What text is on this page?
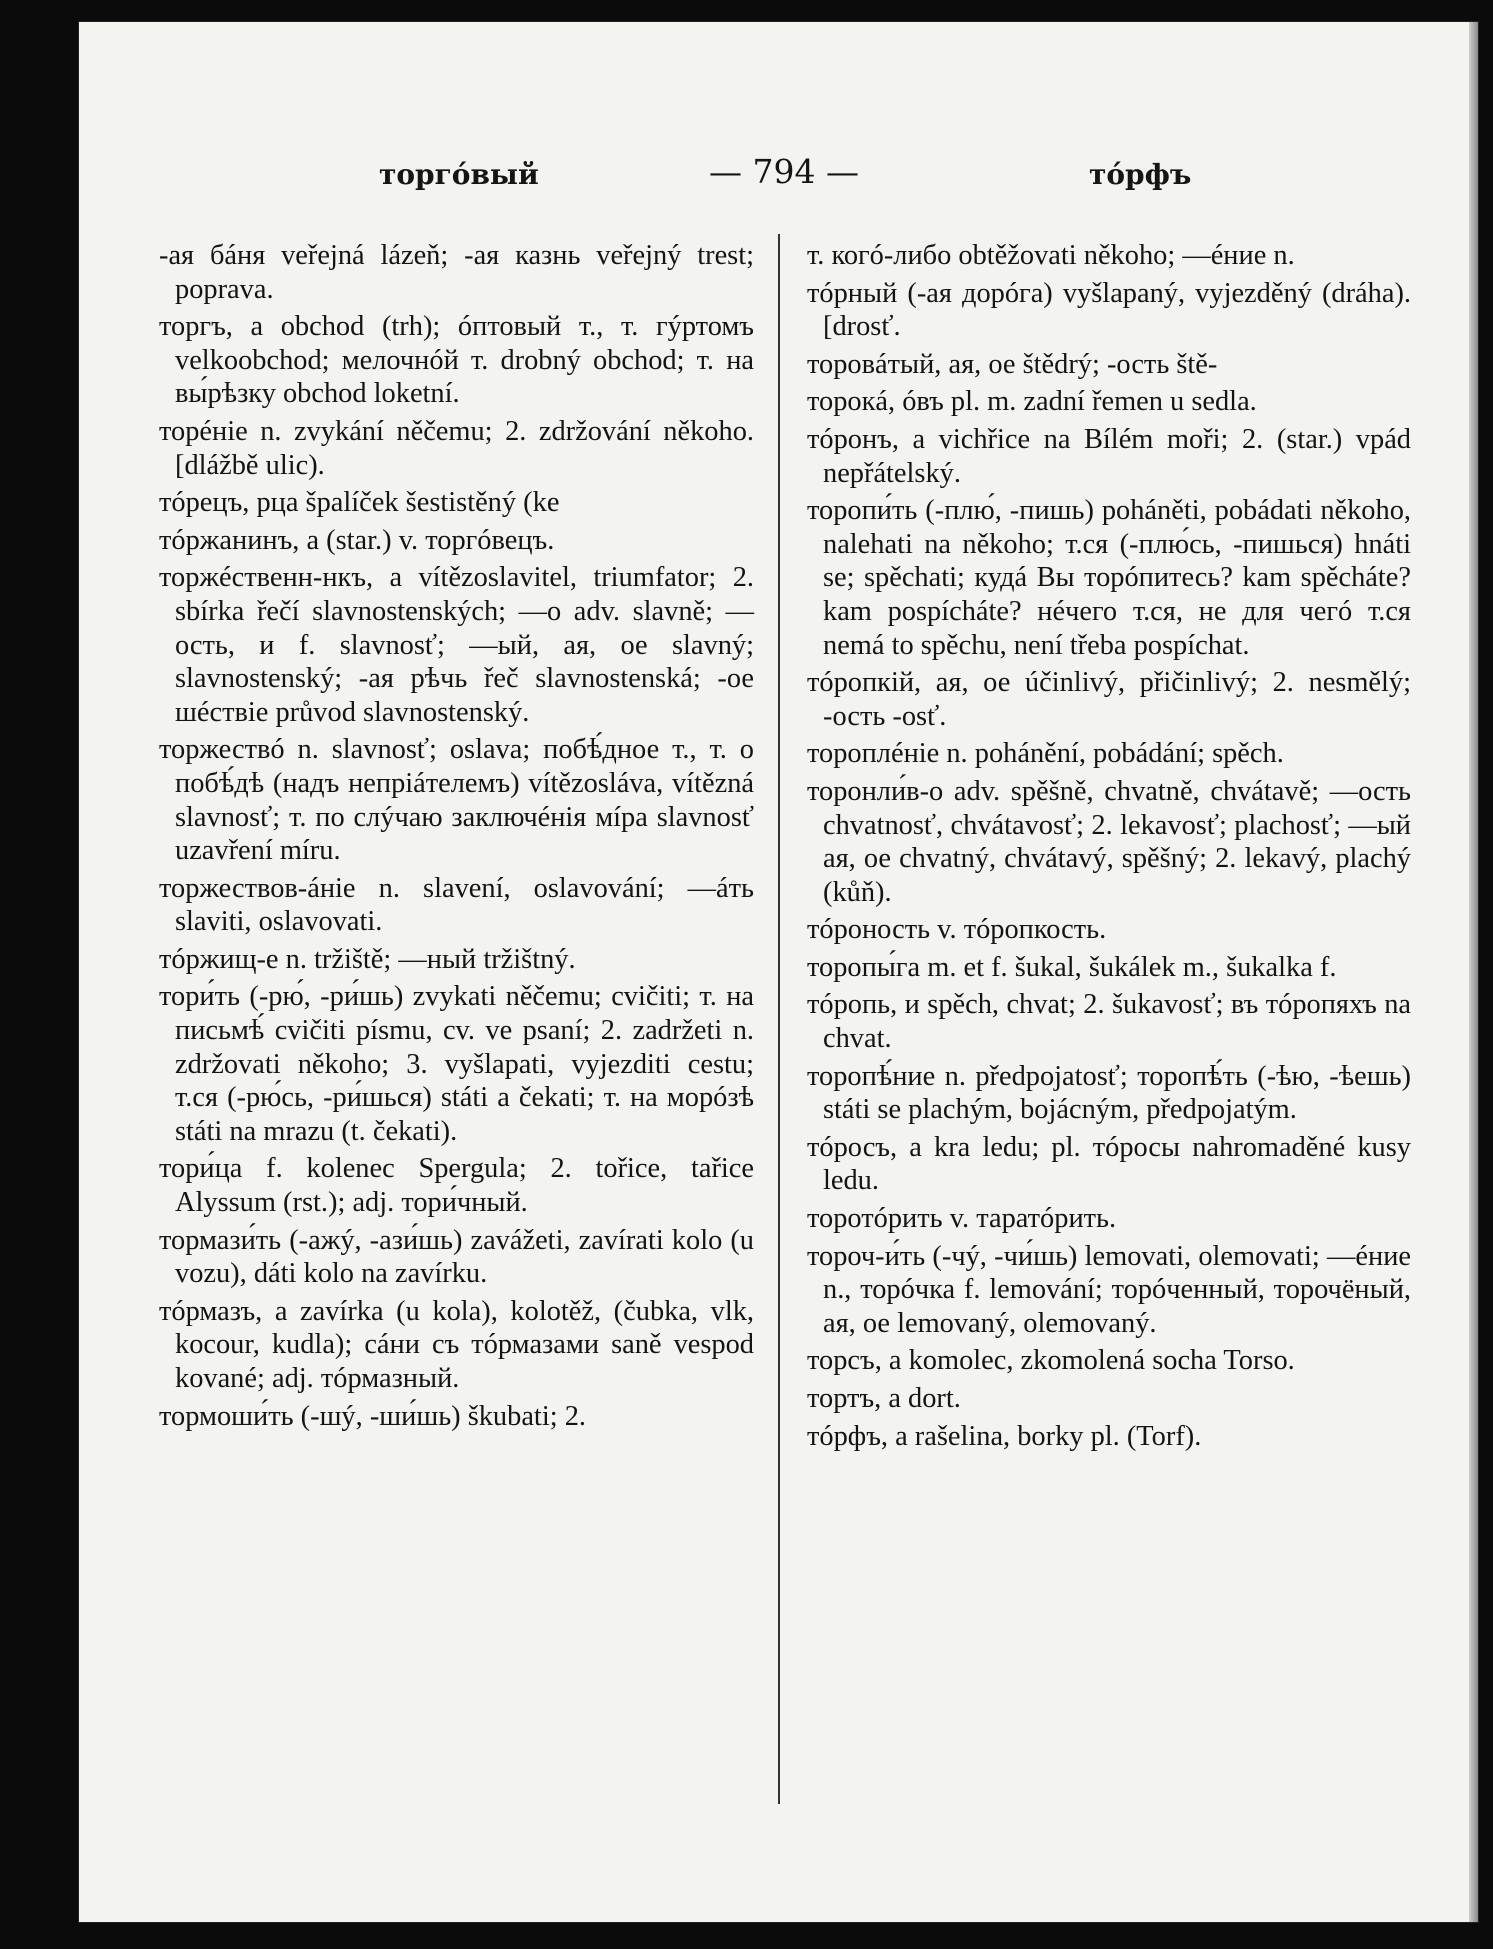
торгóвый	— 794 —	тóрфъ

-ая бáня veřejná lázeň; -ая казнь veřejný trest; poprava.

торгъ, a obchod (trh); óптовый т., т. гýртомъ velkoobchod; мелочнóй т. drobný obchod; т. на вы́рѣзку obchod loketní.

торéніе n. zvykání něčemu; 2. zdržování někoho. [dlážbě ulic).

тóрецъ, рца špalíček šestistěný (ke

тóржанинъ, a (star.) v. торгóвецъ.

торжéственн-нкъ, a vítězoslavitel, triumfator; 2. sbírka řečí slavnostenských; —о adv. slavně; —ость, и f. slavnosť; —ый, ая, ое slavný; slavnostenský; -ая рѣчь řeč slavnostenská; -ое шéствіе průvod slavnostenský.

торжествó n. slavnosť; oslava; побѣ́дное т., т. о побѣ́дѣ (надъ непріáтелемъ) vítězosláva, vítězná slavnosť; т. по слýчаю заключéнія мíра slavnosť uzavření míru.

торжествов-áніе n. slavení, oslavování; —áть slaviti, oslavovati.

тóржищ-е n. tržiště; —ный tržištný.

тори́ть (-рю́, -ри́шь) zvykati něčemu; cvičiti; т. на письмѣ́ cvičiti písmu, cv. ve psaní; 2. zadržeti n. zdržovati někoho; 3. vyšlapati, vyjezditi cestu; т.ся (-рю́сь, -ри́шься) státi a čekati; т. на морóзѣ státi na mrazu (t. čekati).

тори́ца f. kolenec Spergula; 2. tořice, tařice Alyssum (rst.); adj. тори́чный.

тормази́ть (-ажý, -ази́шь) zavážeti, zavírati kolo (u vozu), dáti kolo na zavírku.

тóрмазъ, a zavírka (u kola), kolotěž, (čubka, vlk, kocour, kudla); сáни съ тóрмазами saně vespod kované; adj. тóрмазный.

тормоши́ть (-шý, -ши́шь) škubati; 2.

т. когó-либо obtěžovati někoho; —éние n.

тóрный (-ая дорóга) vyšlapaný, vyjezděný (dráha). [drosť.

торовáтый, ая, ое štědrý; -ость ště-

торокá, óвъ pl. m. zadní řemen u sedla.

тóронъ, a vichřice na Bílém moři; 2. (star.) vpád nepřátelský.

торопи́ть (-плю́, -пишь) poháněti, pobádati někoho, nalehati na někoho; т.ся (-плю́сь, -пишься) hnáti se; spěchati; кудá Вы торóпитесь? kam spěcháte? kam pospícháte? нéчего т.ся, не для чегó т.ся nemá to spěchu, není třeba pospíchat.

тóропкій, ая, ое účinlivý, přičinlivý; 2. nesmělý; -ость -osť.

тороплéніе n. pohánění, pobádání; spěch.

торонли́в-о adv. spěšně, chvatně, chvátavě; —ость chvatnosť, chvátavosť; 2. lekavosť; plachosť; —ый ая, ое chvatný, chvátavý, spěšný; 2. lekavý, plachý (kůň).

тóроность v. тóропкость.

торопы́га m. et f. šukal, šukálek m., šukalka f.

тóропь, и spěch, chvat; 2. šukavosť; въ тóропяхъ na chvat.

торопѣ́ние n. předpojatosť; торопѣ́ть (-ѣю, -ѣешь) státi se plachým, bojácným, předpojatým.

тóросъ, a kra ledu; pl. тóросы nahromaděné kusy ledu.

торотóрить v. таратóрить.

тороч-и́ть (-чý, -чи́шь) lemovati, olemovati; —éние n., торóчка f. lemování; торóченный, торочёный, ая, ое lemovaný, olemovaný.

торсъ, a komolec, zkomolená socha Torso.

тортъ, a dort.

тóрфъ, a rašelina, borky pl. (Torf).
